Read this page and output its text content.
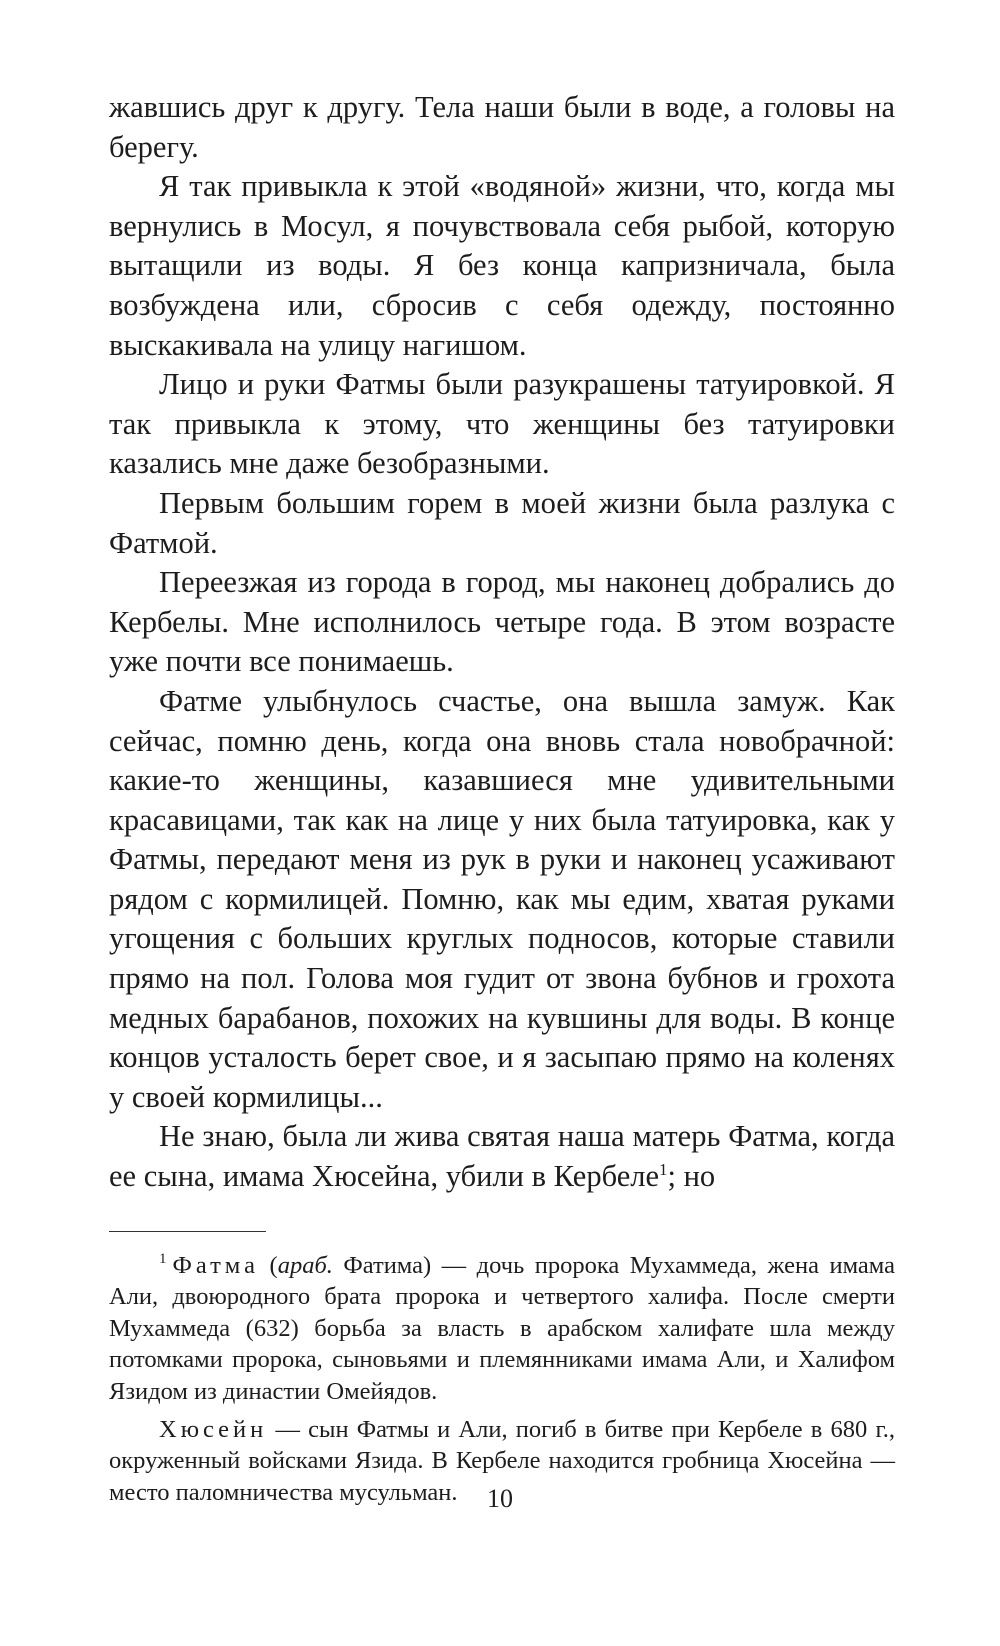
жавшись друг к другу. Тела наши были в воде, а головы на берегу.

Я так привыкла к этой «водяной» жизни, что, когда мы вернулись в Мосул, я почувствовала себя рыбой, которую вытащили из воды. Я без конца капризничала, была возбуждена или, сбросив с себя одежду, постоянно выскакивала на улицу нагишом.

Лицо и руки Фатмы были разукрашены татуировкой. Я так привыкла к этому, что женщины без татуировки казались мне даже безобразными.

Первым большим горем в моей жизни была разлука с Фатмой.

Переезжая из города в город, мы наконец добрались до Кербелы. Мне исполнилось четыре года. В этом возрасте уже почти все понимаешь.

Фатме улыбнулось счастье, она вышла замуж. Как сейчас, помню день, когда она вновь стала новобрачной: какие-то женщины, казавшиеся мне удивительными красавицами, так как на лице у них была татуировка, как у Фатмы, передают меня из рук в руки и наконец усаживают рядом с кормилицей. Помню, как мы едим, хватая руками угощения с больших круглых подносов, которые ставили прямо на пол. Голова моя гудит от звона бубнов и грохота медных барабанов, похожих на кувшины для воды. В конце концов усталость берет свое, и я засыпаю прямо на коленях у своей кормилицы...

Не знаю, была ли жива святая наша матерь Фатма, когда ее сына, имама Хюсейна, убили в Кербеле$^1$; но

$^1$ Фатма (араб. Фатима) — дочь пророка Мухаммеда, жена имама Али, двоюродного брата пророка и четвертого халифа. После смерти Мухаммеда (632) борьба за власть в арабском халифате шла между потомками пророка, сыновьями и племянниками имама Али, и Халифом Язидом из династии Омейядов.

Хюсейн — сын Фатмы и Али, погиб в битве при Кербеле в 680 г., окруженный войсками Язида. В Кербеле находится гробница Хюсейна — место паломничества мусульман.	10
